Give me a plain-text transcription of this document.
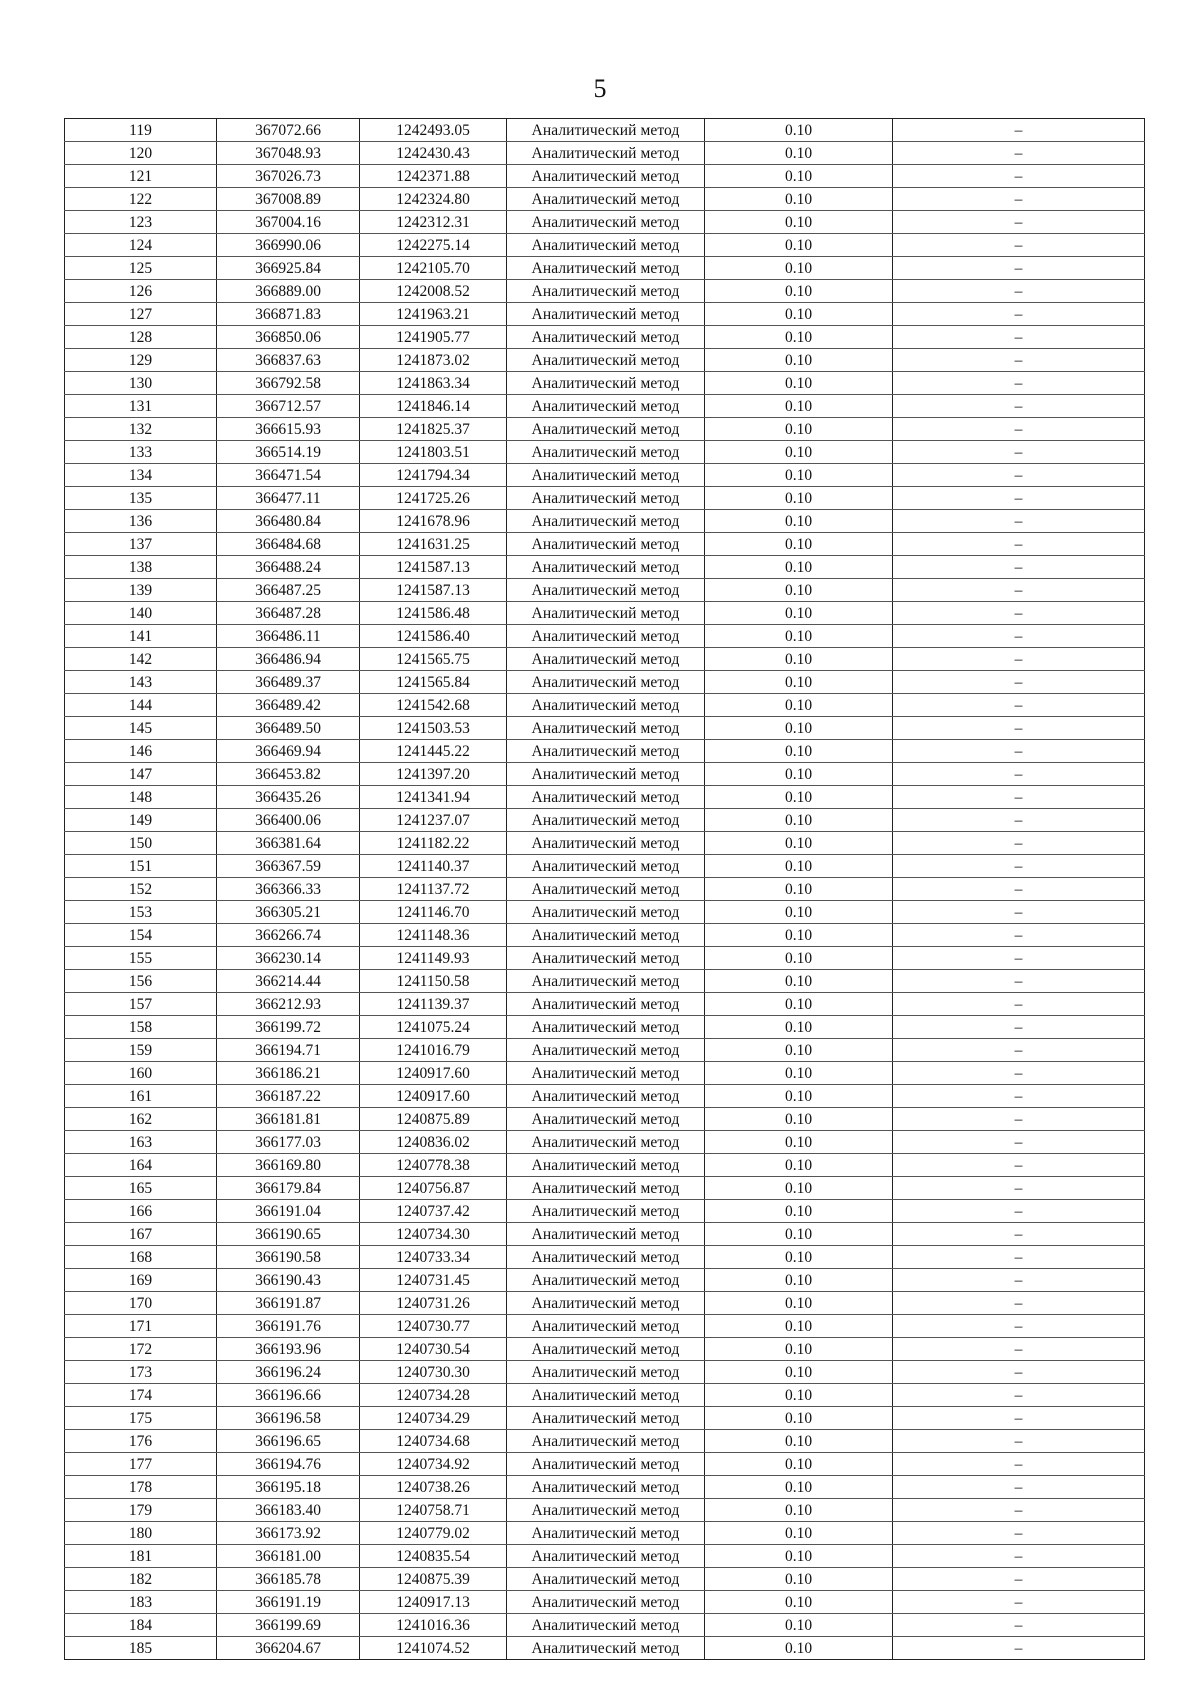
5
119	367072.66	1242493.05	Аналитический метод	0.10	–
120	367048.93	1242430.43	Аналитический метод	0.10	–
121	367026.73	1242371.88	Аналитический метод	0.10	–
122	367008.89	1242324.80	Аналитический метод	0.10	–
123	367004.16	1242312.31	Аналитический метод	0.10	–
124	366990.06	1242275.14	Аналитический метод	0.10	–
125	366925.84	1242105.70	Аналитический метод	0.10	–
126	366889.00	1242008.52	Аналитический метод	0.10	–
127	366871.83	1241963.21	Аналитический метод	0.10	–
128	366850.06	1241905.77	Аналитический метод	0.10	–
129	366837.63	1241873.02	Аналитический метод	0.10	–
130	366792.58	1241863.34	Аналитический метод	0.10	–
131	366712.57	1241846.14	Аналитический метод	0.10	–
132	366615.93	1241825.37	Аналитический метод	0.10	–
133	366514.19	1241803.51	Аналитический метод	0.10	–
134	366471.54	1241794.34	Аналитический метод	0.10	–
135	366477.11	1241725.26	Аналитический метод	0.10	–
136	366480.84	1241678.96	Аналитический метод	0.10	–
137	366484.68	1241631.25	Аналитический метод	0.10	–
138	366488.24	1241587.13	Аналитический метод	0.10	–
139	366487.25	1241587.13	Аналитический метод	0.10	–
140	366487.28	1241586.48	Аналитический метод	0.10	–
141	366486.11	1241586.40	Аналитический метод	0.10	–
142	366486.94	1241565.75	Аналитический метод	0.10	–
143	366489.37	1241565.84	Аналитический метод	0.10	–
144	366489.42	1241542.68	Аналитический метод	0.10	–
145	366489.50	1241503.53	Аналитический метод	0.10	–
146	366469.94	1241445.22	Аналитический метод	0.10	–
147	366453.82	1241397.20	Аналитический метод	0.10	–
148	366435.26	1241341.94	Аналитический метод	0.10	–
149	366400.06	1241237.07	Аналитический метод	0.10	–
150	366381.64	1241182.22	Аналитический метод	0.10	–
151	366367.59	1241140.37	Аналитический метод	0.10	–
152	366366.33	1241137.72	Аналитический метод	0.10	–
153	366305.21	1241146.70	Аналитический метод	0.10	–
154	366266.74	1241148.36	Аналитический метод	0.10	–
155	366230.14	1241149.93	Аналитический метод	0.10	–
156	366214.44	1241150.58	Аналитический метод	0.10	–
157	366212.93	1241139.37	Аналитический метод	0.10	–
158	366199.72	1241075.24	Аналитический метод	0.10	–
159	366194.71	1241016.79	Аналитический метод	0.10	–
160	366186.21	1240917.60	Аналитический метод	0.10	–
161	366187.22	1240917.60	Аналитический метод	0.10	–
162	366181.81	1240875.89	Аналитический метод	0.10	–
163	366177.03	1240836.02	Аналитический метод	0.10	–
164	366169.80	1240778.38	Аналитический метод	0.10	–
165	366179.84	1240756.87	Аналитический метод	0.10	–
166	366191.04	1240737.42	Аналитический метод	0.10	–
167	366190.65	1240734.30	Аналитический метод	0.10	–
168	366190.58	1240733.34	Аналитический метод	0.10	–
169	366190.43	1240731.45	Аналитический метод	0.10	–
170	366191.87	1240731.26	Аналитический метод	0.10	–
171	366191.76	1240730.77	Аналитический метод	0.10	–
172	366193.96	1240730.54	Аналитический метод	0.10	–
173	366196.24	1240730.30	Аналитический метод	0.10	–
174	366196.66	1240734.28	Аналитический метод	0.10	–
175	366196.58	1240734.29	Аналитический метод	0.10	–
176	366196.65	1240734.68	Аналитический метод	0.10	–
177	366194.76	1240734.92	Аналитический метод	0.10	–
178	366195.18	1240738.26	Аналитический метод	0.10	–
179	366183.40	1240758.71	Аналитический метод	0.10	–
180	366173.92	1240779.02	Аналитический метод	0.10	–
181	366181.00	1240835.54	Аналитический метод	0.10	–
182	366185.78	1240875.39	Аналитический метод	0.10	–
183	366191.19	1240917.13	Аналитический метод	0.10	–
184	366199.69	1241016.36	Аналитический метод	0.10	–
185	366204.67	1241074.52	Аналитический метод	0.10	–
